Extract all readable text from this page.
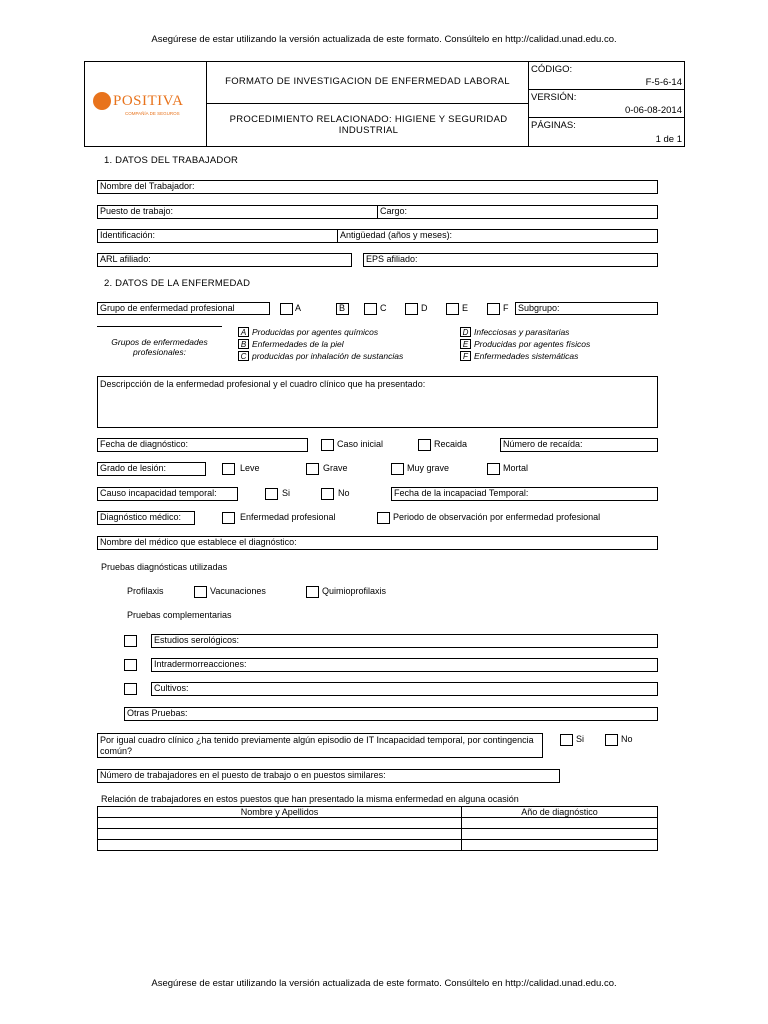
Asegúrese de estar utilizando la versión actualizada de este formato. Consúltelo en http://calidad.unad.edu.co.
POSITIVA
COMPAÑÍA DE SEGUROS
FORMATO DE INVESTIGACION DE ENFERMEDAD LABORAL
PROCEDIMIENTO RELACIONADO: HIGIENE Y SEGURIDAD INDUSTRIAL
CÓDIGO:
F-5-6-14
VERSIÓN:
0-06-08-2014
PÁGINAS:
1 de 1
1. DATOS DEL TRABAJADOR
Nombre del Trabajador:
Puesto de trabajo:	Cargo:
Identificación:	Antigüedad (años y meses):
ARL afiliado:	EPS afiliado:
2. DATOS DE LA ENFERMEDAD
Grupo de enfermedad profesional	A	B	C	D	E	F	Subgrupo:
Grupos de enfermedades profesionales:
A Producidas por agentes químicos
B Enfermedades de la piel
C producidas por inhalación de sustancias
D Infecciosas y parasitarias
E Producidas por agentes físicos
F Enfermedades sistemáticas
Descripcción de la enfermedad profesional y el cuadro clínico que ha presentado:
Fecha de diagnóstico:	Caso inicial	Recaida	Número de recaída:
Grado de lesión:	Leve	Grave	Muy grave	Mortal
Causo incapacidad temporal:	Si	No	Fecha de la incapaciad Temporal:
Diagnóstico médico:	Enfermedad profesional	Periodo de observación por enfermedad profesional
Nombre del médico que establece el diagnóstico:
Pruebas diagnósticas utilizadas
Profilaxis	Vacunaciones	Quimioprofilaxis
Pruebas complementarias
Estudios serológicos:
Intradermorreacciones:
Cultivos:
Otras Pruebas:
Por igual cuadro clínico ¿ha tenido previamente algún episodio de IT Incapacidad temporal, por contingencia común?
Si	No
Número de trabajadores en el puesto de trabajo o en puestos similares:
Relación de trabajadores en estos puestos que han presentado la misma enfermedad en alguna ocasión
Nombre y Apellidos	Año de diagnóstico

Asegúrese de estar utilizando la versión actualizada de este formato. Consúltelo en http://calidad.unad.edu.co.
